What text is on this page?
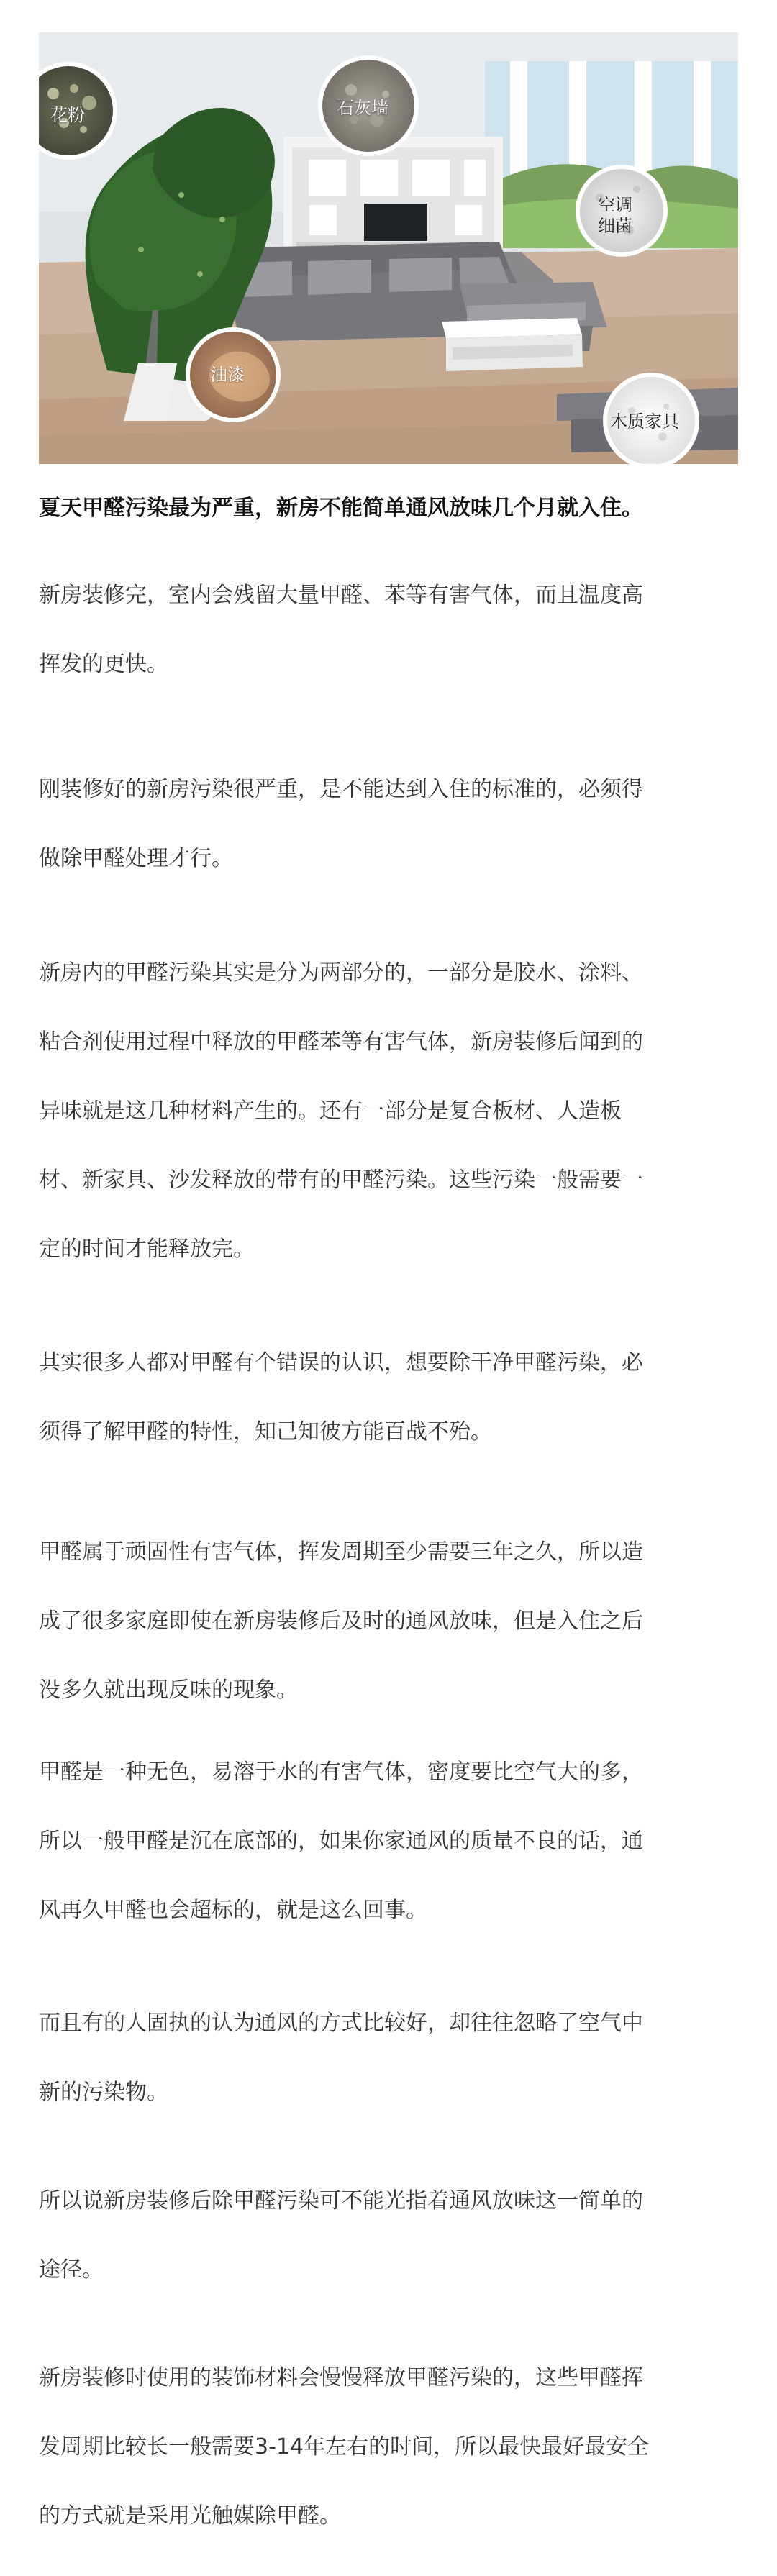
花粉	石灰墙
空调
细菌
油漆
木质家具

夏天甲醛污染最为严重，新房不能简单通风放味几个月就入住。

新房装修完，室内会残留大量甲醛、苯等有害气体，而且温度高
挥发的更快。

刚装修好的新房污染很严重，是不能达到入住的标准的，必须得
做除甲醛处理才行。

新房内的甲醛污染其实是分为两部分的，一部分是胶水、涂料、
粘合剂使用过程中释放的甲醛苯等有害气体，新房装修后闻到的
异味就是这几种材料产生的。还有一部分是复合板材、人造板
材、新家具、沙发释放的带有的甲醛污染。这些污染一般需要一
定的时间才能释放完。

其实很多人都对甲醛有个错误的认识，想要除干净甲醛污染，必
须得了解甲醛的特性，知己知彼方能百战不殆。

甲醛属于顽固性有害气体，挥发周期至少需要三年之久，所以造
成了很多家庭即使在新房装修后及时的通风放味，但是入住之后
没多久就出现反味的现象。

甲醛是一种无色，易溶于水的有害气体，密度要比空气大的多，
所以一般甲醛是沉在底部的，如果你家通风的质量不良的话，通
风再久甲醛也会超标的，就是这么回事。

而且有的人固执的认为通风的方式比较好，却往往忽略了空气中
新的污染物。

所以说新房装修后除甲醛污染可不能光指着通风放味这一简单的
途径。

新房装修时使用的装饰材料会慢慢释放甲醛污染的，这些甲醛挥
发周期比较长一般需要3-14年左右的时间，所以最快最好最安全
的方式就是采用光触媒除甲醛。
